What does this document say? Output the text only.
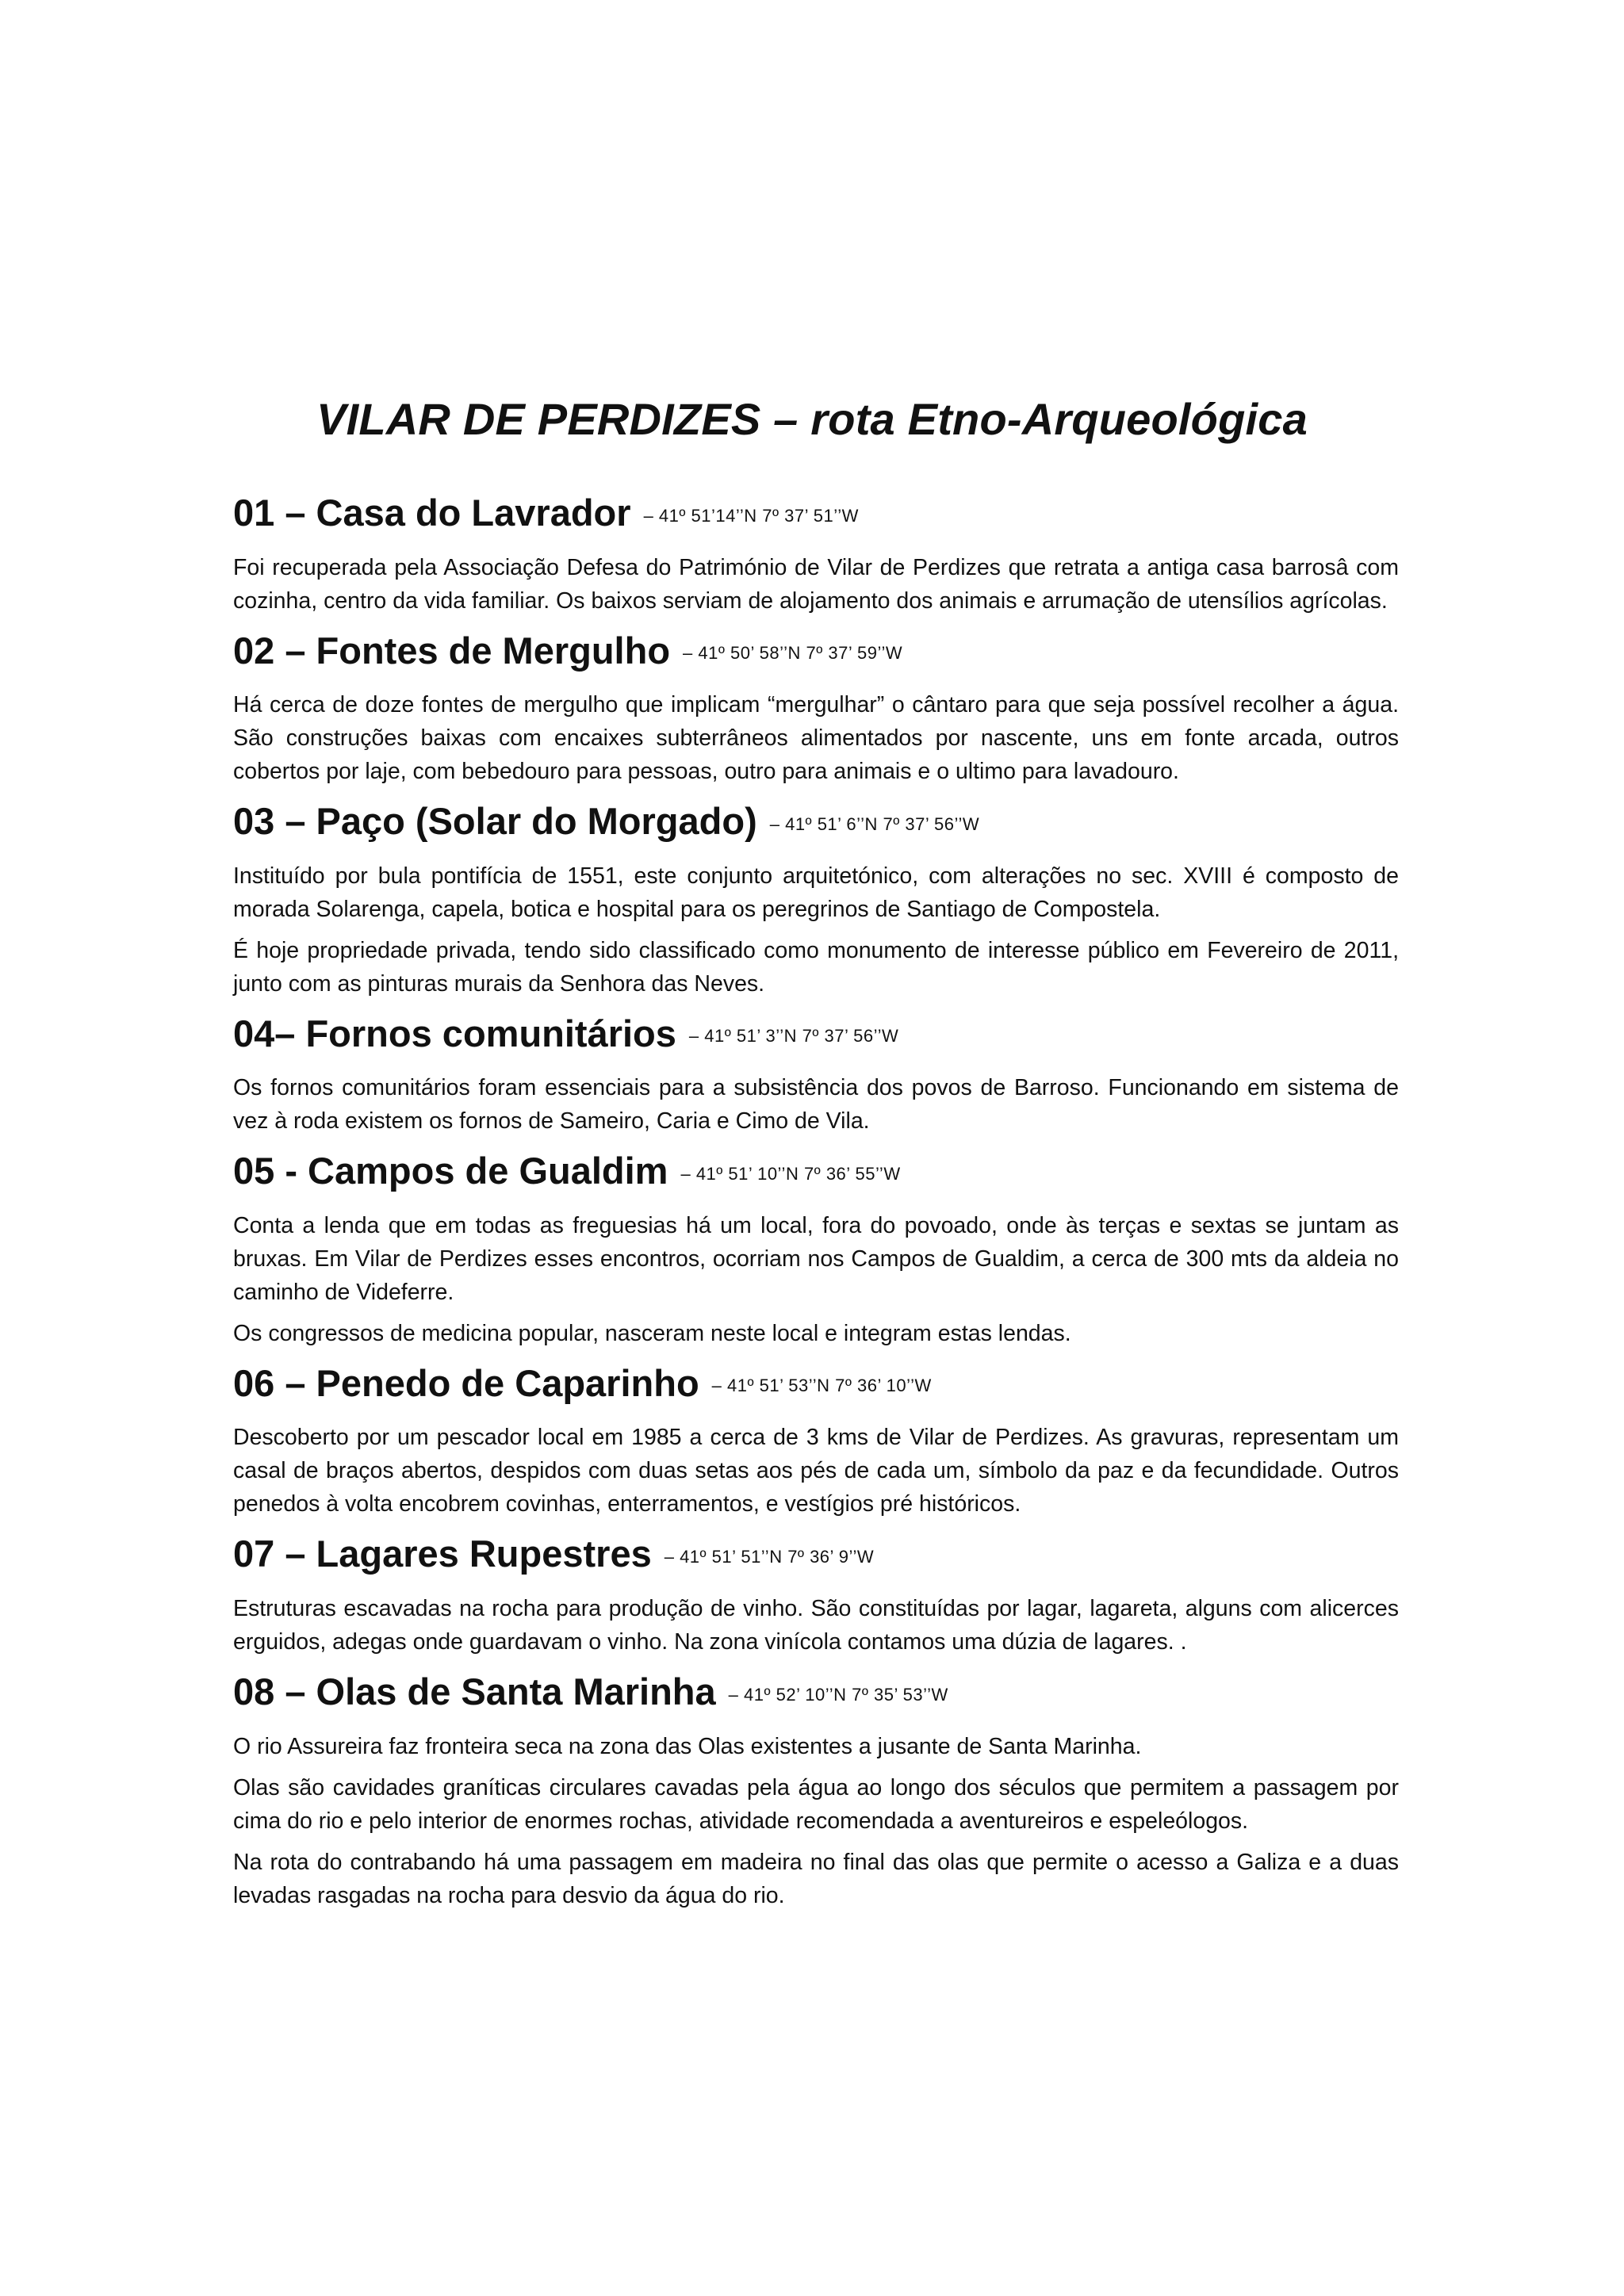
VILAR DE PERDIZES – rota Etno-Arqueológica
01 – Casa do Lavrador – 41º 51’14’’N 7º 37’ 51’’W

Foi recuperada pela Associação Defesa do Património de Vilar de Perdizes que retrata a antiga casa barrosâ com cozinha, centro da vida familiar. Os baixos serviam de alojamento dos animais e arrumação de utensílios agrícolas.

02 – Fontes de Mergulho – 41º 50’ 58’’N 7º 37’ 59’’W

Há cerca de doze fontes de mergulho que implicam “mergulhar” o cântaro para que seja possível recolher a água. São construções baixas com encaixes subterrâneos alimentados por nascente, uns em fonte arcada, outros cobertos por laje, com bebedouro para pessoas, outro para animais e o ultimo para lavadouro.

03 – Paço (Solar do Morgado) – 41º 51’ 6’’N 7º 37’ 56’’W

Instituído por bula pontifícia de 1551, este conjunto arquitetónico, com alterações no sec. XVIII é composto de morada Solarenga, capela, botica e hospital para os peregrinos de Santiago de Compostela.

É hoje propriedade privada, tendo sido classificado como monumento de interesse público em Fevereiro de 2011, junto com as pinturas murais da Senhora das Neves.

04– Fornos comunitários – 41º 51’ 3’’N 7º 37’ 56’’W

Os fornos comunitários foram essenciais para a subsistência dos povos de Barroso. Funcionando em sistema de vez à roda existem os fornos de Sameiro, Caria e Cimo de Vila.

05 - Campos de Gualdim – 41º 51’ 10’’N 7º 36’ 55’’W

Conta a lenda que em todas as freguesias há um local, fora do povoado, onde às terças e sextas se juntam as bruxas. Em Vilar de Perdizes esses encontros, ocorriam nos Campos de Gualdim, a cerca de 300 mts da aldeia no caminho de Videferre.

Os congressos de medicina popular, nasceram neste local e integram estas lendas.

06 – Penedo de Caparinho – 41º 51’ 53’’N 7º 36’ 10’’W

Descoberto por um pescador local em 1985 a cerca de 3 kms de Vilar de Perdizes. As gravuras, representam um casal de braços abertos, despidos com duas setas aos pés de cada um, símbolo da paz e da fecundidade. Outros penedos à volta encobrem covinhas, enterramentos, e vestígios pré históricos.

07 – Lagares Rupestres – 41º 51’ 51’’N 7º 36’ 9’’W

Estruturas escavadas na rocha para produção de vinho. São constituídas por lagar, lagareta, alguns com alicerces erguidos, adegas onde guardavam o vinho. Na zona vinícola contamos uma dúzia de lagares. .

08 – Olas de Santa Marinha – 41º 52’ 10’’N 7º 35’ 53’’W

O rio Assureira faz fronteira seca na zona das Olas existentes a jusante de Santa Marinha.

Olas são cavidades graníticas circulares cavadas pela água ao longo dos séculos que permitem a passagem por cima do rio e pelo interior de enormes rochas, atividade recomendada a aventureiros e espeleólogos.

Na rota do contrabando há uma passagem em madeira no final das olas que permite o acesso a Galiza e a duas levadas rasgadas na rocha para desvio da água do rio.
